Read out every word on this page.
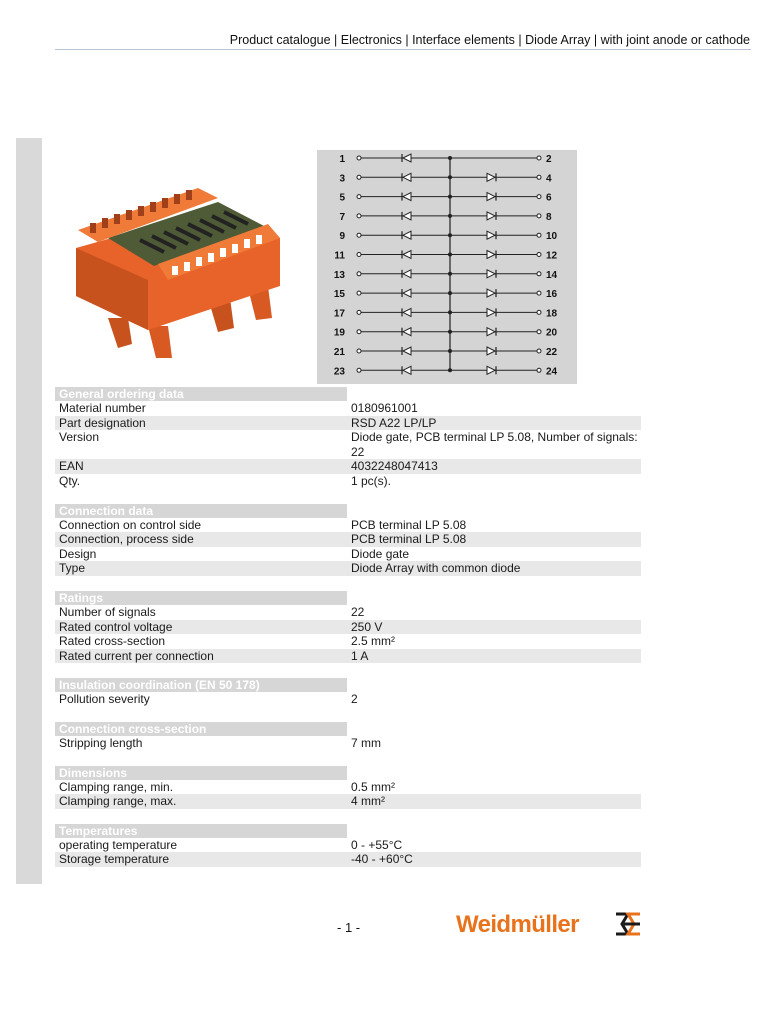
Product catalogue | Electronics | Interface elements | Diode Array | with joint anode or cathode
1	2
3	4
5	6
7	8
9	10
11	12
13	14
15	16
17	18
19	20
21	22
23	24
General ordering data
Material number	0180961001
Part designation	RSD A22 LP/LP
Version	Diode gate, PCB terminal LP 5.08, Number of signals: 22
EAN	4032248047413
Qty.	1 pc(s).
Connection data
Connection on control side	PCB terminal LP 5.08
Connection, process side	PCB terminal LP 5.08
Design	Diode gate
Type	Diode Array with common diode
Ratings
Number of signals	22
Rated control voltage	250 V
Rated cross-section	2.5 mm²
Rated current per connection	1 A
Insulation coordination (EN 50 178)
Pollution severity	2
Connection cross-section
Stripping length	7 mm
Dimensions
Clamping range, min.	0.5 mm²
Clamping range, max.	4 mm²
Temperatures
operating temperature	0 - +55°C
Storage temperature	-40 - +60°C
- 1 -	Weidmüller
